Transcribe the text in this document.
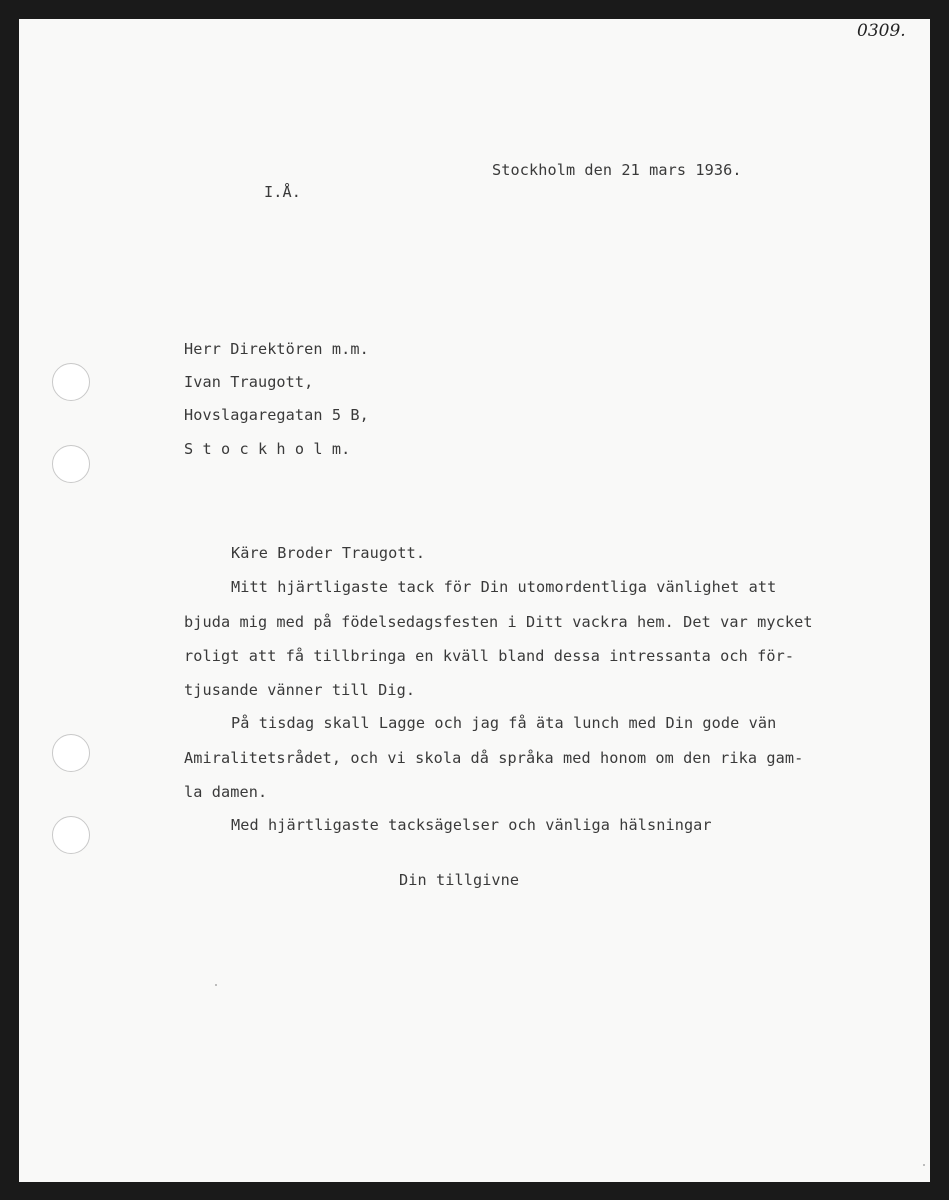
0309.
I.Å.
Stockholm den 21 mars 1936.
Herr Direktören m.m.
Ivan Traugott,
Hovslagaregatan 5 B,
S t o c k h o l m.
Käre Broder Traugott.
Mitt hjärtligaste tack för Din utomordentliga vänlighet att
bjuda mig med på födelsedagsfesten i Ditt vackra hem. Det var mycket
roligt att få tillbringa en kväll bland dessa intressanta och för-
tjusande vänner till Dig.
På tisdag skall Lagge och jag få äta lunch med Din gode vän
Amiralitetsrådet, och vi skola då språka med honom om den rika gam-
la damen.
Med hjärtligaste tacksägelser och vänliga hälsningar
Din tillgivne
